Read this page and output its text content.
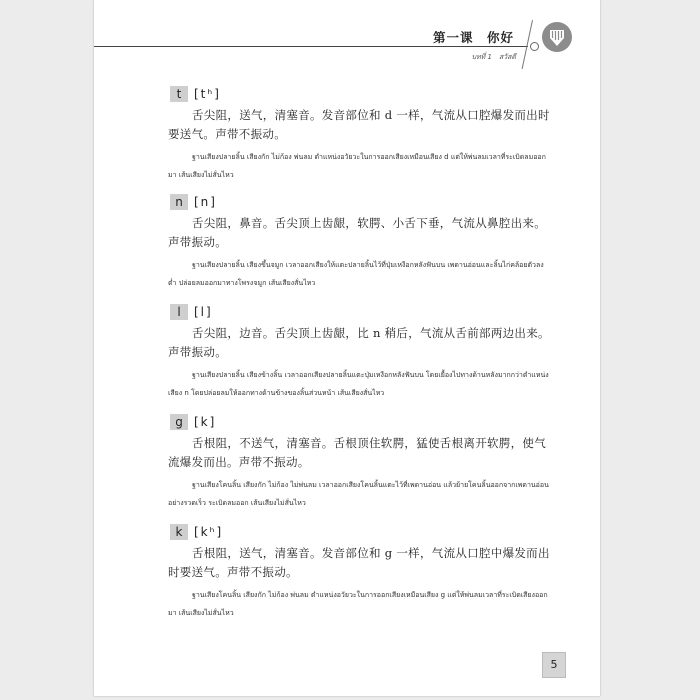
第一课　你好
บทที่ 1　สวัสดี
t	[tʰ]
舌尖阻，送气，清塞音。发音部位和 d 一样，气流从口腔爆发而出时要送气。声带不振动。
ฐานเสียงปลายลิ้น เสียงกัก ไม่ก้อง พ่นลม ตำแหน่งอวัยวะในการออกเสียงเหมือนเสียง d แต่ให้พ่นลมเวลาที่ระเบิดลมออกมา เส้นเสียงไม่สั่นไหว
n [n]
舌尖阻，鼻音。舌尖顶上齿龈，软腭、小舌下垂，气流从鼻腔出来。声带振动。
ฐานเสียงปลายลิ้น เสียงขึ้นจมูก เวลาออกเสียงให้แตะปลายลิ้นไว้ที่ปุ่มเหงือกหลังฟันบน เพดานอ่อนและลิ้นไก่คล้อยตัวลงต่ำ ปล่อยลมออกมาทางโพรงจมูก เส้นเสียงสั่นไหว
l	[l]
舌尖阻，边音。舌尖顶上齿龈，比 n 稍后，气流从舌前部两边出来。声带振动。
ฐานเสียงปลายลิ้น เสียงข้างลิ้น เวลาออกเสียงปลายลิ้นแตะปุ่มเหงือกหลังฟันบน โดยเยื้องไปทางด้านหลังมากกว่าตำแหน่งเสียง n โดยปล่อยลมให้ออกทางด้านข้างของลิ้นส่วนหน้า เส้นเสียงสั่นไหว
g [k]
舌根阻，不送气，清塞音。舌根顶住软腭，猛使舌根离开软腭，使气流爆发而出。声带不振动。
ฐานเสียงโคนลิ้น เสียงกัก ไม่ก้อง ไม่พ่นลม เวลาออกเสียงโคนลิ้นแตะไว้ที่เพดานอ่อน แล้วย้ายโคนลิ้นออกจากเพดานอ่อนอย่างรวดเร็ว ระเบิดลมออก เส้นเสียงไม่สั่นไหว
k [kʰ]
舌根阻，送气，清塞音。发音部位和 g 一样，气流从口腔中爆发而出时要送气。声带不振动。
ฐานเสียงโคนลิ้น เสียงกัก ไม่ก้อง พ่นลม ตำแหน่งอวัยวะในการออกเสียงเหมือนเสียง g แต่ให้พ่นลมเวลาที่ระเบิดเสียงออกมา เส้นเสียงไม่สั่นไหว
5
